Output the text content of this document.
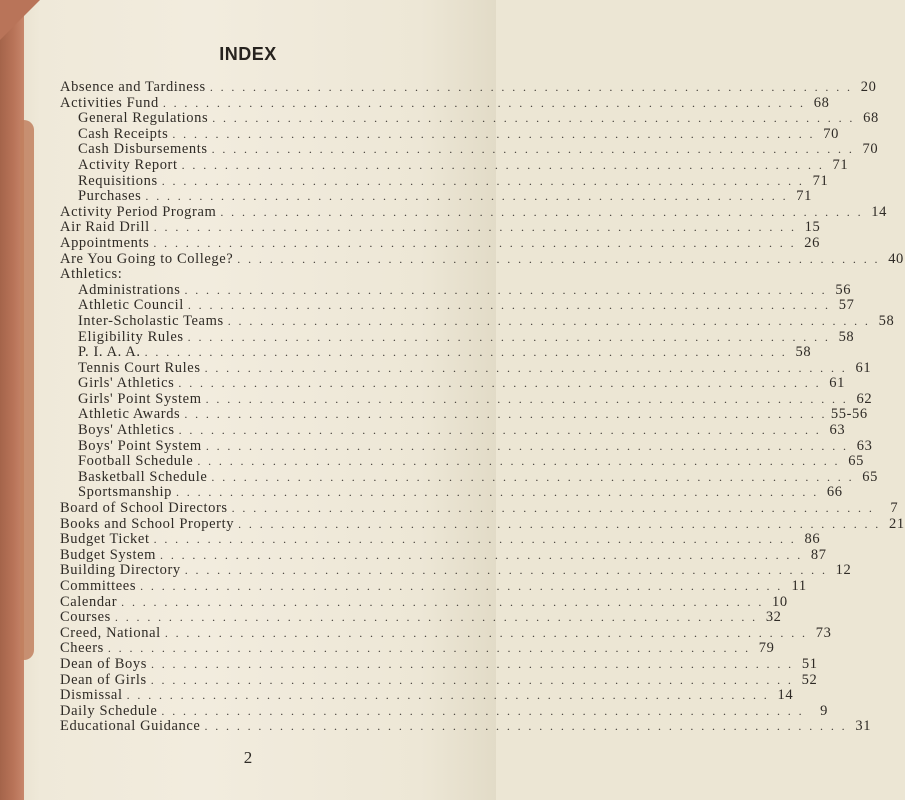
INDEX
Absence and Tardiness . . . . . . . . . . . . . . . . . . . . . . . . . . . . . . . . . . . . . . . . . . . . . . . . . . . . . . . . . . . . 20
Activities Fund . . . . . . . . . . . . . . . . . . . . . . . . . . . . . . . . . . . . . . . . . . . . . . . . . . . . . . . . . . . . 68
General Regulations . . . . . . . . . . . . . . . . . . . . . . . . . . . . . . . . . . . . . . . . . . . . . . . . . . . . . . . . . . . . 68
Cash Receipts . . . . . . . . . . . . . . . . . . . . . . . . . . . . . . . . . . . . . . . . . . . . . . . . . . . . . . . . . . . . 70
Cash Disbursements . . . . . . . . . . . . . . . . . . . . . . . . . . . . . . . . . . . . . . . . . . . . . . . . . . . . . . . . . . . . 70
Activity Report . . . . . . . . . . . . . . . . . . . . . . . . . . . . . . . . . . . . . . . . . . . . . . . . . . . . . . . . . . . . 71
Requisitions . . . . . . . . . . . . . . . . . . . . . . . . . . . . . . . . . . . . . . . . . . . . . . . . . . . . . . . . . . . . 71
Purchases . . . . . . . . . . . . . . . . . . . . . . . . . . . . . . . . . . . . . . . . . . . . . . . . . . . . . . . . . . . . 71
Activity Period Program . . . . . . . . . . . . . . . . . . . . . . . . . . . . . . . . . . . . . . . . . . . . . . . . . . . . . . . . . . . . 14
Air Raid Drill . . . . . . . . . . . . . . . . . . . . . . . . . . . . . . . . . . . . . . . . . . . . . . . . . . . . . . . . . . . . 15
Appointments . . . . . . . . . . . . . . . . . . . . . . . . . . . . . . . . . . . . . . . . . . . . . . . . . . . . . . . . . . . . 26
Are You Going to College? . . . . . . . . . . . . . . . . . . . . . . . . . . . . . . . . . . . . . . . . . . . . . . . . . . . . . . . . . . . . 40
Athletics:
Administrations . . . . . . . . . . . . . . . . . . . . . . . . . . . . . . . . . . . . . . . . . . . . . . . . . . . . . . . . . . . . 56
Athletic Council . . . . . . . . . . . . . . . . . . . . . . . . . . . . . . . . . . . . . . . . . . . . . . . . . . . . . . . . . . . . 57
Inter-Scholastic Teams . . . . . . . . . . . . . . . . . . . . . . . . . . . . . . . . . . . . . . . . . . . . . . . . . . . . . . . . . . . . 58
Eligibility Rules . . . . . . . . . . . . . . . . . . . . . . . . . . . . . . . . . . . . . . . . . . . . . . . . . . . . . . . . . . . . 58
P. I. A. A. . . . . . . . . . . . . . . . . . . . . . . . . . . . . . . . . . . . . . . . . . . . . . . . . . . . . . . . . . . . . 58
Tennis Court Rules . . . . . . . . . . . . . . . . . . . . . . . . . . . . . . . . . . . . . . . . . . . . . . . . . . . . . . . . . . . . 61
Girls' Athletics . . . . . . . . . . . . . . . . . . . . . . . . . . . . . . . . . . . . . . . . . . . . . . . . . . . . . . . . . . . . 61
Girls' Point System . . . . . . . . . . . . . . . . . . . . . . . . . . . . . . . . . . . . . . . . . . . . . . . . . . . . . . . . . . . . 62
Athletic Awards . . . . . . . . . . . . . . . . . . . . . . . . . . . . . . . . . . . . . . . . . . . . . . . . . . . . . . . . . . . . 55-56
Boys' Athletics . . . . . . . . . . . . . . . . . . . . . . . . . . . . . . . . . . . . . . . . . . . . . . . . . . . . . . . . . . . . 63
Boys' Point System . . . . . . . . . . . . . . . . . . . . . . . . . . . . . . . . . . . . . . . . . . . . . . . . . . . . . . . . . . . . 63
Football Schedule . . . . . . . . . . . . . . . . . . . . . . . . . . . . . . . . . . . . . . . . . . . . . . . . . . . . . . . . . . . . 65
Basketball Schedule . . . . . . . . . . . . . . . . . . . . . . . . . . . . . . . . . . . . . . . . . . . . . . . . . . . . . . . . . . . . 65
Sportsmanship . . . . . . . . . . . . . . . . . . . . . . . . . . . . . . . . . . . . . . . . . . . . . . . . . . . . . . . . . . . . 66
Board of School Directors . . . . . . . . . . . . . . . . . . . . . . . . . . . . . . . . . . . . . . . . . . . . . . . . . . . . . . . . . . . .	7
Books and School Property . . . . . . . . . . . . . . . . . . . . . . . . . . . . . . . . . . . . . . . . . . . . . . . . . . . . . . . . . . . . 21
Budget Ticket . . . . . . . . . . . . . . . . . . . . . . . . . . . . . . . . . . . . . . . . . . . . . . . . . . . . . . . . . . . . 86
Budget System . . . . . . . . . . . . . . . . . . . . . . . . . . . . . . . . . . . . . . . . . . . . . . . . . . . . . . . . . . . . 87
Building Directory . . . . . . . . . . . . . . . . . . . . . . . . . . . . . . . . . . . . . . . . . . . . . . . . . . . . . . . . . . . . 12
Committees . . . . . . . . . . . . . . . . . . . . . . . . . . . . . . . . . . . . . . . . . . . . . . . . . . . . . . . . . . . . 11
Calendar . . . . . . . . . . . . . . . . . . . . . . . . . . . . . . . . . . . . . . . . . . . . . . . . . . . . . . . . . . . . 10
Courses . . . . . . . . . . . . . . . . . . . . . . . . . . . . . . . . . . . . . . . . . . . . . . . . . . . . . . . . . . . . 32
Creed, National . . . . . . . . . . . . . . . . . . . . . . . . . . . . . . . . . . . . . . . . . . . . . . . . . . . . . . . . . . . . 73
Cheers . . . . . . . . . . . . . . . . . . . . . . . . . . . . . . . . . . . . . . . . . . . . . . . . . . . . . . . . . . . . 79
Dean of Boys . . . . . . . . . . . . . . . . . . . . . . . . . . . . . . . . . . . . . . . . . . . . . . . . . . . . . . . . . . . . 51
Dean of Girls . . . . . . . . . . . . . . . . . . . . . . . . . . . . . . . . . . . . . . . . . . . . . . . . . . . . . . . . . . . . 52
Dismissal . . . . . . . . . . . . . . . . . . . . . . . . . . . . . . . . . . . . . . . . . . . . . . . . . . . . . . . . . . . . 14
Daily Schedule . . . . . . . . . . . . . . . . . . . . . . . . . . . . . . . . . . . . . . . . . . . . . . . . . . . . . . . . . . . .	9
Educational Guidance . . . . . . . . . . . . . . . . . . . . . . . . . . . . . . . . . . . . . . . . . . . . . . . . . . . . . . . . . . . . 31
2
